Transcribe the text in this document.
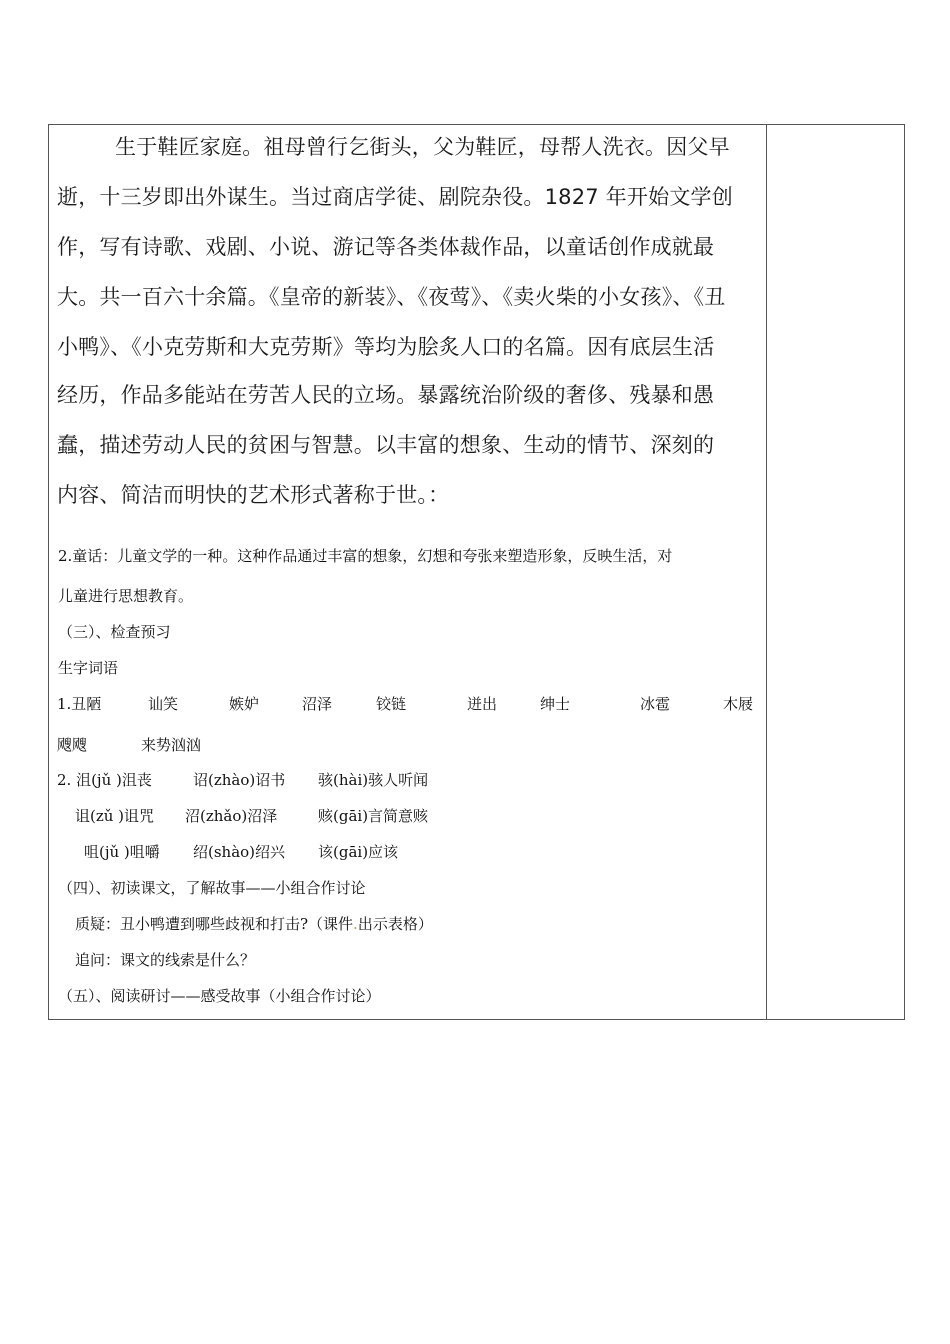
生于鞋匠家庭。祖母曾行乞街头，父为鞋匠，母帮人洗衣。因父早
逝，十三岁即出外谋生。当过商店学徒、剧院杂役。1827 年开始文学创
作，写有诗歌、戏剧、小说、游记等各类体裁作品，以童话创作成就最
大。共一百六十余篇。《皇帝的新装》、《夜莺》、《卖火柴的小女孩》、《丑
小鸭》、《小克劳斯和大克劳斯》等均为脍炙人口的名篇。因有底层生活
经历，作品多能站在劳苦人民的立场。暴露统治阶级的奢侈、残暴和愚
蠢，描述劳动人民的贫困与智慧。以丰富的想象、生动的情节、深刻的
内容、简洁而明快的艺术形式著称于世。：
2.童话：儿童文学的一种。这种作品通过丰富的想象，幻想和夸张来塑造形象，反映生活，对
儿童进行思想教育。
（三）、检查预习
生字词语
1.丑陋	讪笑	嫉妒	沼泽	铰链	迸出	绅士	冰雹	木屐
飕飕	来势汹汹
2. 沮(jǔ )沮丧	诏(zhào)诏书 骇(hài)骇人听闻
诅(zǔ )诅咒 沼(zhǎo)沼泽	赅(gāi)言简意赅
咀(jǔ )咀嚼 绍(shào)绍兴 该(gāi)应该
（四）、初读课文，了解故事——小组合作讨论
质疑：丑小鸭遭到哪些歧视和打击?（课件.出示表格）
追问：课文的线索是什么？
（五）、阅读研讨——感受故事（小组合作讨论）
